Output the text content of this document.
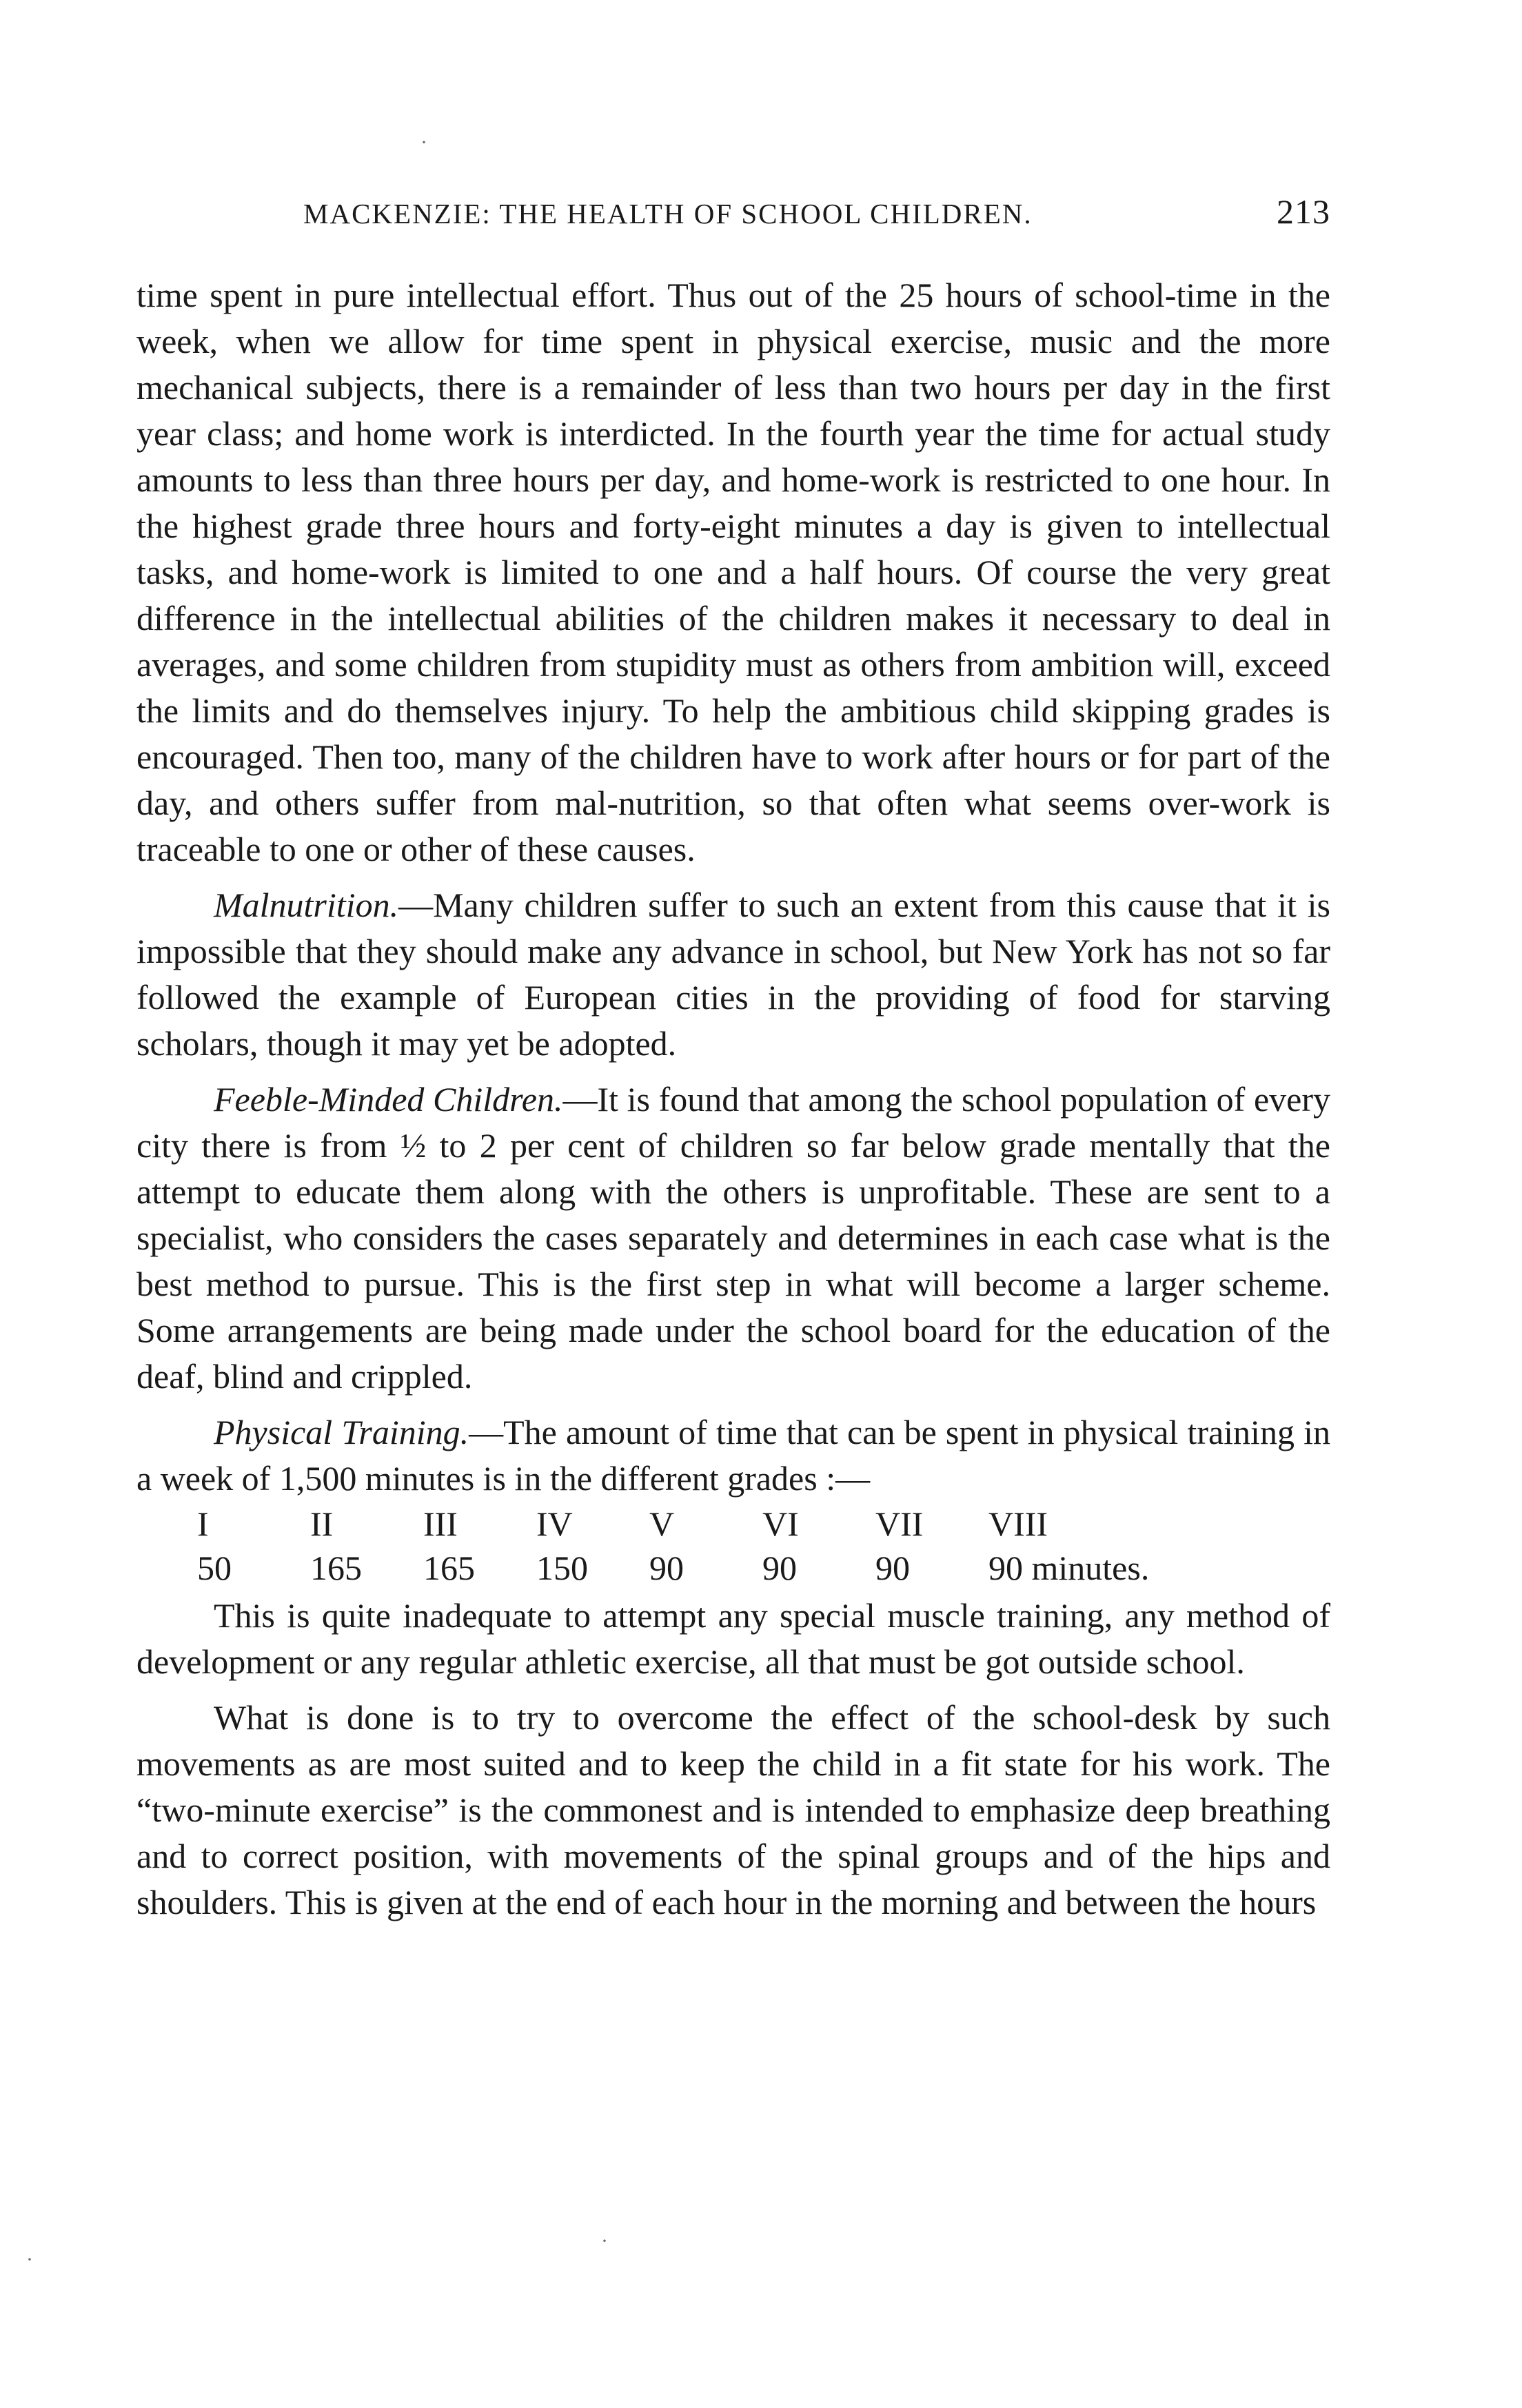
MACKENZIE: THE HEALTH OF SCHOOL CHILDREN.	213

time spent in pure intellectual effort. Thus out of the 25 hours of school-time in the week, when we allow for time spent in physical exercise, music and the more mechanical subjects, there is a remainder of less than two hours per day in the first year class; and home work is interdicted. In the fourth year the time for actual study amounts to less than three hours per day, and home-work is restricted to one hour. In the highest grade three hours and forty-eight minutes a day is given to intellectual tasks, and home-work is limited to one and a half hours. Of course the very great difference in the intellectual abilities of the children makes it necessary to deal in averages, and some children from stupidity must as others from ambition will, exceed the limits and do themselves injury. To help the ambitious child skipping grades is encouraged. Then too, many of the children have to work after hours or for part of the day, and others suffer from mal-nutrition, so that often what seems over-work is traceable to one or other of these causes.

Malnutrition.—Many children suffer to such an extent from this cause that it is impossible that they should make any advance in school, but New York has not so far followed the example of European cities in the providing of food for starving scholars, though it may yet be adopted.

Feeble-Minded Children.—It is found that among the school population of every city there is from ½ to 2 per cent of children so far below grade mentally that the attempt to educate them along with the others is unprofitable. These are sent to a specialist, who considers the cases separately and determines in each case what is the best method to pursue. This is the first step in what will become a larger scheme. Some arrangements are being made under the school board for the education of the deaf, blind and crippled.

Physical Training.—The amount of time that can be spent in physical training in a week of 1,500 minutes is in the different grades :—

I	II	III	IV	V	VI	VII	VIII
50	165	165	150	90	90	90	90 minutes.

This is quite inadequate to attempt any special muscle training, any method of development or any regular athletic exercise, all that must be got outside school.

What is done is to try to overcome the effect of the school-desk by such movements as are most suited and to keep the child in a fit state for his work. The “two-minute exercise” is the commonest and is intended to emphasize deep breathing and to correct position, with movements of the spinal groups and of the hips and shoulders. This is given at the end of each hour in the morning and between the hours

·
·
·
